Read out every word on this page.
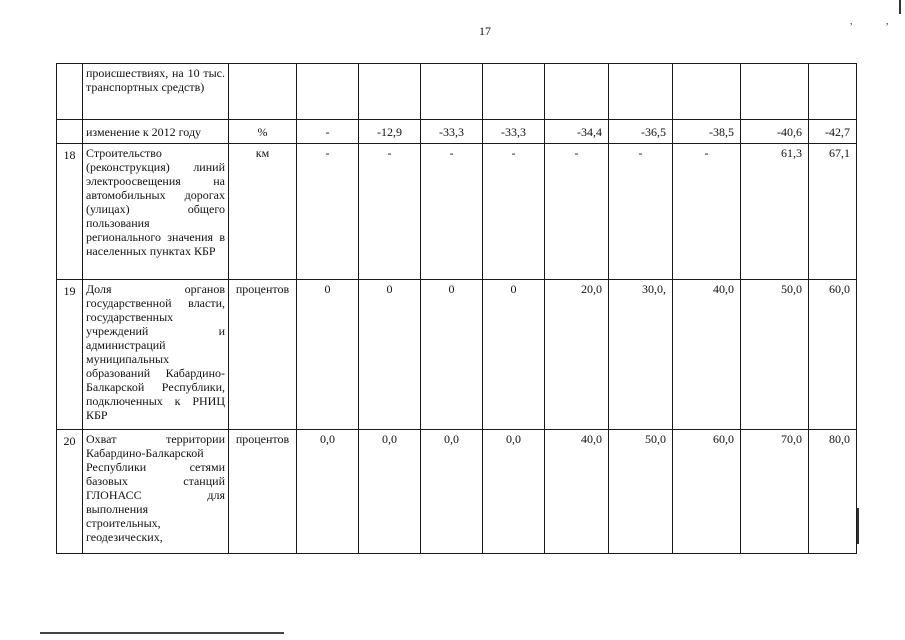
17
,	,
	происшествиях, на 10 тыс. транспортных средств)										
	изменение к 2012 году	%	-	-12,9	-33,3	-33,3	-34,4	-36,5	-38,5	-40,6	-42,7
18	Строительство (реконструкция) линий электроосвещения на автомобильных дорогах (улицах) общего пользования регионального значения в населенных пунктах КБР	км	-	-	-	-	-	-	-	61,3	67,1
19	Доля органов государственной власти, государственных учреждений и администраций муниципальных образований Кабардино-Балкарской Республики, подключенных к РНИЦ КБР	процентов	0	0	0	0	20,0	30,0,	40,0	50,0	60,0
20	Охват территории Кабардино-Балкарской Республики сетями базовых станций ГЛОНАСС для выполнения строительных, геодезических,	процентов	0,0	0,0	0,0	0,0	40,0	50,0	60,0	70,0	80,0
